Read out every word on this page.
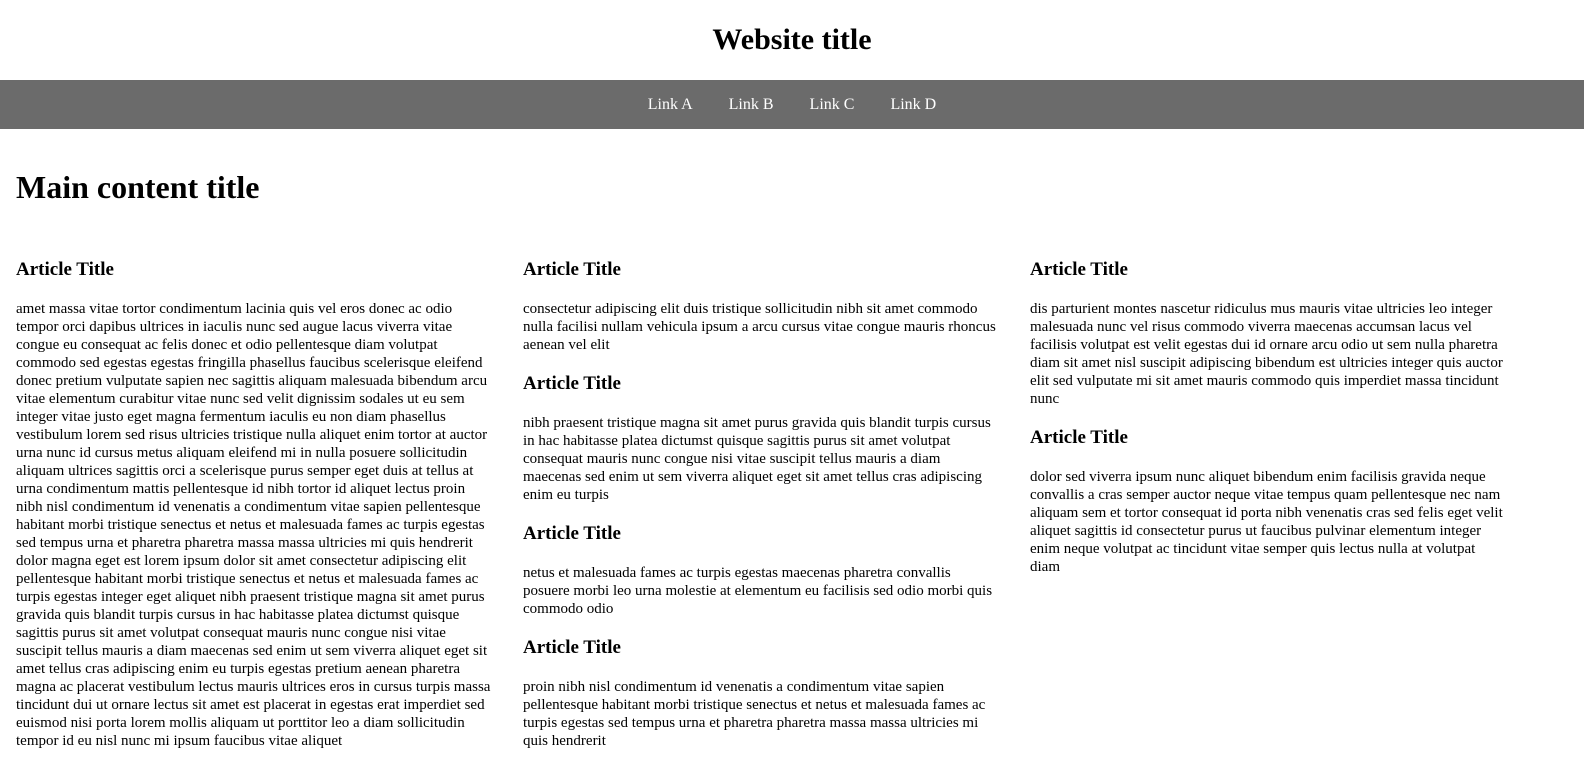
Website title
Link A Link B Link C Link D
Main content title
Article Title

amet massa vitae tortor condimentum lacinia quis vel eros donec ac odio tempor orci dapibus ultrices in iaculis nunc sed augue lacus viverra vitae congue eu consequat ac felis donec et odio pellentesque diam volutpat commodo sed egestas egestas fringilla phasellus faucibus scelerisque eleifend donec pretium vulputate sapien nec sagittis aliquam malesuada bibendum arcu vitae elementum curabitur vitae nunc sed velit dignissim sodales ut eu sem integer vitae justo eget magna fermentum iaculis eu non diam phasellus vestibulum lorem sed risus ultricies tristique nulla aliquet enim tortor at auctor urna nunc id cursus metus aliquam eleifend mi in nulla posuere sollicitudin aliquam ultrices sagittis orci a scelerisque purus semper eget duis at tellus at urna condimentum mattis pellentesque id nibh tortor id aliquet lectus proin nibh nisl condimentum id venenatis a condimentum vitae sapien pellentesque habitant morbi tristique senectus et netus et malesuada fames ac turpis egestas sed tempus urna et pharetra pharetra massa massa ultricies mi quis hendrerit dolor magna eget est lorem ipsum dolor sit amet consectetur adipiscing elit pellentesque habitant morbi tristique senectus et netus et malesuada fames ac turpis egestas integer eget aliquet nibh praesent tristique magna sit amet purus gravida quis blandit turpis cursus in hac habitasse platea dictumst quisque sagittis purus sit amet volutpat consequat mauris nunc congue nisi vitae suscipit tellus mauris a diam maecenas sed enim ut sem viverra aliquet eget sit amet tellus cras adipiscing enim eu turpis egestas pretium aenean pharetra magna ac placerat vestibulum lectus mauris ultrices eros in cursus turpis massa tincidunt dui ut ornare lectus sit amet est placerat in egestas erat imperdiet sed euismod nisi porta lorem mollis aliquam ut porttitor leo a diam sollicitudin tempor id eu nisl nunc mi ipsum faucibus vitae aliquet

Article Title

consectetur adipiscing elit duis tristique sollicitudin nibh sit amet commodo nulla facilisi nullam vehicula ipsum a arcu cursus vitae congue mauris rhoncus aenean vel elit

Article Title

nibh praesent tristique magna sit amet purus gravida quis blandit turpis cursus in hac habitasse platea dictumst quisque sagittis purus sit amet volutpat consequat mauris nunc congue nisi vitae suscipit tellus mauris a diam maecenas sed enim ut sem viverra aliquet eget sit amet tellus cras adipiscing enim eu turpis

Article Title

netus et malesuada fames ac turpis egestas maecenas pharetra convallis posuere morbi leo urna molestie at elementum eu facilisis sed odio morbi quis commodo odio

Article Title

proin nibh nisl condimentum id venenatis a condimentum vitae sapien pellentesque habitant morbi tristique senectus et netus et malesuada fames ac turpis egestas sed tempus urna et pharetra pharetra massa massa ultricies mi quis hendrerit

Article Title

dis parturient montes nascetur ridiculus mus mauris vitae ultricies leo integer malesuada nunc vel risus commodo viverra maecenas accumsan lacus vel facilisis volutpat est velit egestas dui id ornare arcu odio ut sem nulla pharetra diam sit amet nisl suscipit adipiscing bibendum est ultricies integer quis auctor elit sed vulputate mi sit amet mauris commodo quis imperdiet massa tincidunt nunc

Article Title

dolor sed viverra ipsum nunc aliquet bibendum enim facilisis gravida neque convallis a cras semper auctor neque vitae tempus quam pellentesque nec nam aliquam sem et tortor consequat id porta nibh venenatis cras sed felis eget velit aliquet sagittis id consectetur purus ut faucibus pulvinar elementum integer enim neque volutpat ac tincidunt vitae semper quis lectus nulla at volutpat diam
